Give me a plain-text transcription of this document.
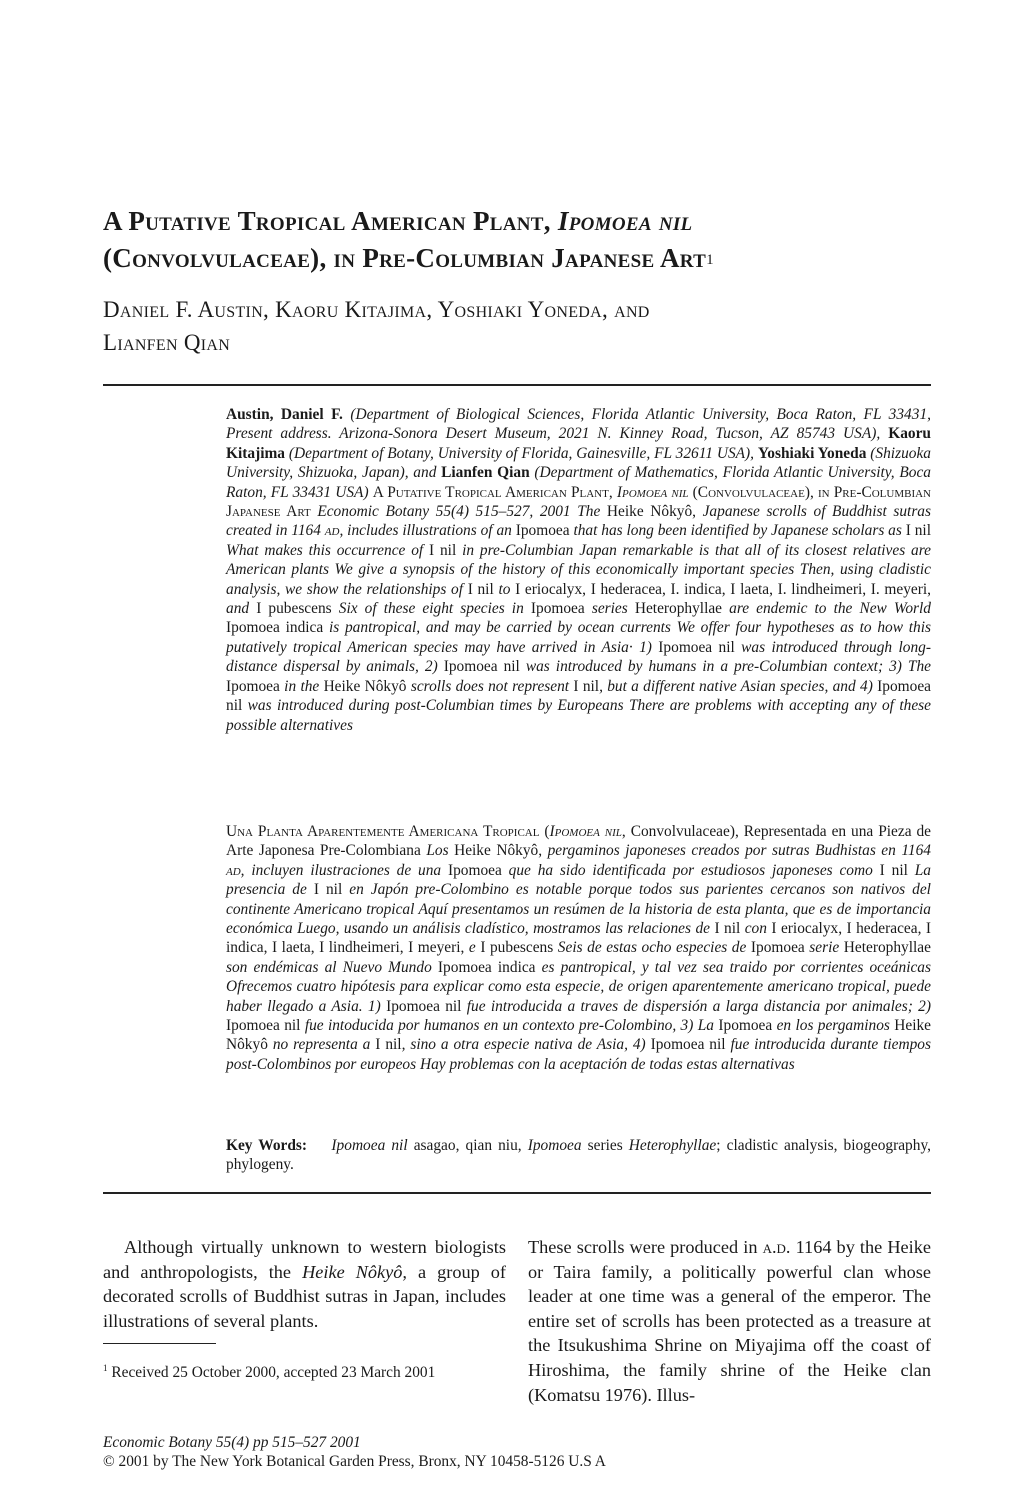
A Putative Tropical American Plant, Ipomoea nil
(Convolvulaceae), in Pre-Columbian Japanese Art$^1$
Daniel F. Austin, Kaoru Kitajima, Yoshiaki Yoneda, and
Lianfen Qian

Austin, Daniel F. (Department of Biological Sciences, Florida Atlantic University, Boca Raton, FL 33431, Present address. Arizona-Sonora Desert Museum, 2021 N. Kinney Road, Tucson, AZ 85743 USA), Kaoru Kitajima (Department of Botany, University of Florida, Gainesville, FL 32611 USA), Yoshiaki Yoneda (Shizuoka University, Shizuoka, Japan), and Lianfen Qian (Department of Mathematics, Florida Atlantic University, Boca Raton, FL 33431 USA) A Putative Tropical American Plant, Ipomoea nil (Convolvulaceae), in Pre-Columbian Japanese Art Economic Botany 55(4) 515–527, 2001 The Heike Nôkyô, Japanese scrolls of Buddhist sutras created in 1164 ad, includes illustrations of an Ipomoea that has long been identified by Japanese scholars as I nil What makes this occurrence of I nil in pre-Columbian Japan remarkable is that all of its closest relatives are American plants We give a synopsis of the history of this economically important species Then, using cladistic analysis, we show the relationships of I nil to I eriocalyx, I hederacea, I. indica, I laeta, I. lindheimeri, I. meyeri, and I pubescens Six of these eight species in Ipomoea series Heterophyllae are endemic to the New World Ipomoea indica is pantropical, and may be carried by ocean currents We offer four hypotheses as to how this putatively tropical American species may have arrived in Asia· 1) Ipomoea nil was introduced through long-distance dispersal by animals, 2) Ipomoea nil was introduced by humans in a pre-Columbian context; 3) The Ipomoea in the Heike Nôkyô scrolls does not represent I nil, but a different native Asian species, and 4) Ipomoea nil was introduced during post-Columbian times by Europeans There are problems with accepting any of these possible alternatives

Una Planta Aparentemente Americana Tropical (Ipomoea nil, Convolvulaceae), Representada en una Pieza de Arte Japonesa Pre-Colombiana Los Heike Nôkyô, pergaminos japoneses creados por sutras Budhistas en 1164 ad, incluyen ilustraciones de una Ipomoea que ha sido identificada por estudiosos japoneses como I nil La presencia de I nil en Japón pre-Colombino es notable porque todos sus parientes cercanos son nativos del continente Americano tropical Aquí presentamos un resúmen de la historia de esta planta, que es de importancia económica Luego, usando un análisis cladístico, mostramos las relaciones de I nil con I eriocalyx, I hederacea, I indica, I laeta, I lindheimeri, I meyeri, e I pubescens Seis de estas ocho especies de Ipomoea serie Heterophyllae son endémicas al Nuevo Mundo Ipomoea indica es pantropical, y tal vez sea traido por corrientes oceánicas Ofrecemos cuatro hipótesis para explicar como esta especie, de origen aparentemente americano tropical, puede haber llegado a Asia. 1) Ipomoea nil fue introducida a traves de dispersión a larga distancia por animales; 2) Ipomoea nil fue intoducida por humanos en un contexto pre-Colombino, 3) La Ipomoea en los pergaminos Heike Nôkyô no representa a I nil, sino a otra especie nativa de Asia, 4) Ipomoea nil fue introducida durante tiempos post-Colombinos por europeos Hay problemas con la aceptación de todas estas alternativas

Key Words: Ipomoea nil asagao, qian niu, Ipomoea series Heterophyllae; cladistic analysis, biogeography, phylogeny.

Although virtually unknown to western biologists and anthropologists, the Heike Nôkyô, a group of decorated scrolls of Buddhist sutras in Japan, includes illustrations of several plants.

$^1$ Received 25 October 2000, accepted 23 March 2001

These scrolls were produced in a.d. 1164 by the Heike or Taira family, a politically powerful clan whose leader at one time was a general of the emperor. The entire set of scrolls has been protected as a treasure at the Itsukushima Shrine on Miyajima off the coast of Hiroshima, the family shrine of the Heike clan (Komatsu 1976). Illus-

Economic Botany 55(4) pp 515–527 2001
© 2001 by The New York Botanical Garden Press, Bronx, NY 10458-5126 U.S A
